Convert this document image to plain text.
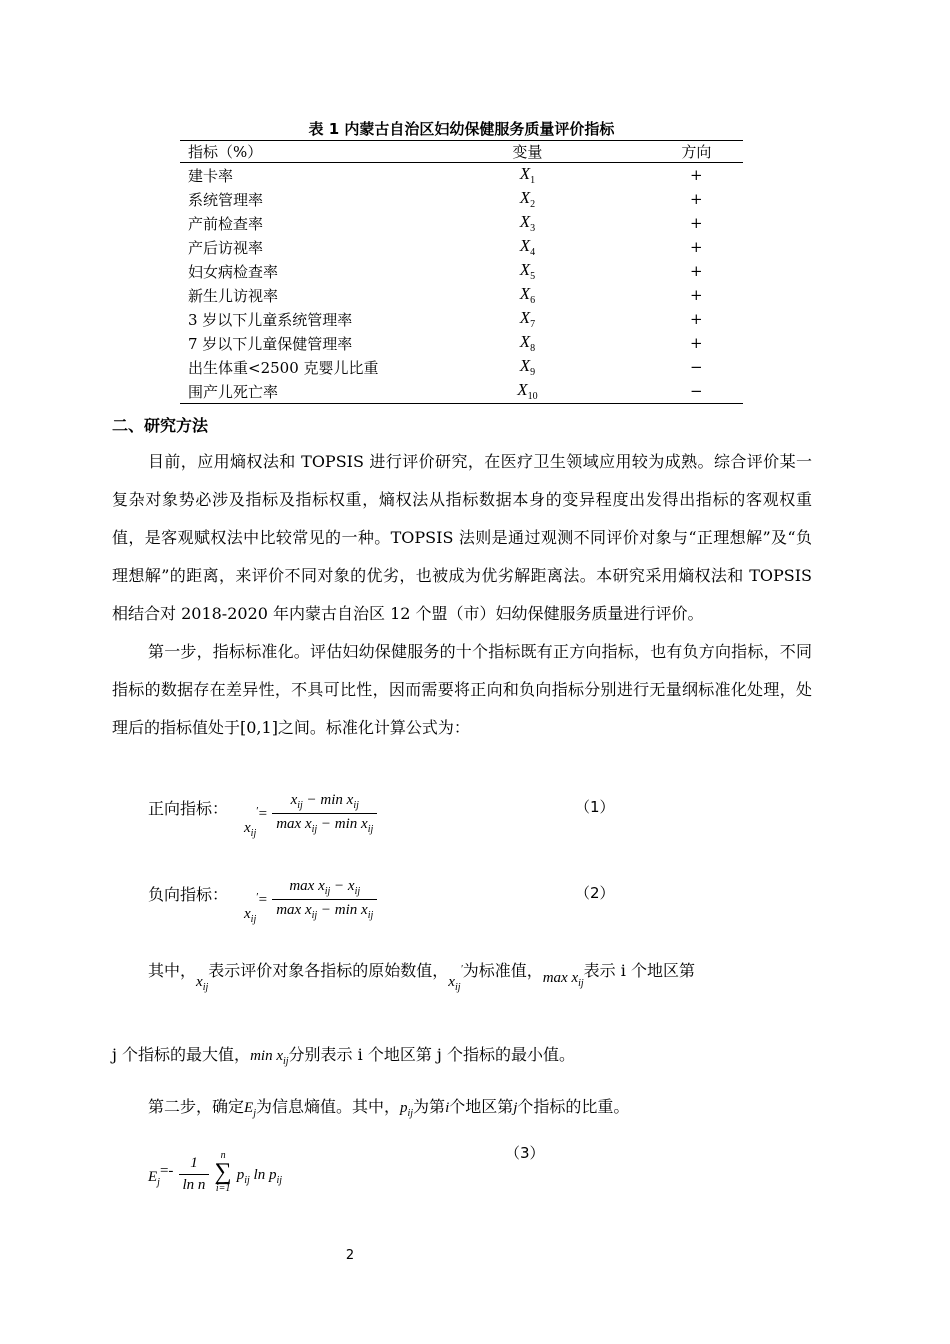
表 1 内蒙古自治区妇幼保健服务质量评价指标
指标（%）	变量	方向
建卡率	$X_1$	+
系统管理率	$X_2$	+
产前检查率	$X_3$	+
产后访视率	$X_4$	+
妇女病检查率	$X_5$	+
新生儿访视率	$X_6$	+
3 岁以下儿童系统管理率	$X_7$	+
7 岁以下儿童保健管理率	$X_8$	+
出生体重<2500 克婴儿比重	$X_9$	−
围产儿死亡率	$X_{10}$	−
二、研究方法

目前，应用熵权法和 TOPSIS 进行评价研究，在医疗卫生领域应用较为成熟。综合评价某一复杂对象势必涉及指标及指标权重，熵权法从指标数据本身的变异程度出发得出指标的客观权重值，是客观赋权法中比较常见的一种。TOPSIS 法则是通过观测不同评价对象与“正理想解”及“负理想解”的距离，来评价不同对象的优劣，也被成为优劣解距离法。本研究采用熵权法和 TOPSIS 相结合对 2018-2020 年内蒙古自治区 12 个盟（市）妇幼保健服务质量进行评价。

第一步，指标标准化。评估妇幼保健服务的十个指标既有正方向指标，也有负方向指标，不同指标的数据存在差异性，不具可比性，因而需要将正向和负向指标分别进行无量纲标准化处理，处理后的指标值处于[0,1]之间。标准化计算公式为：

正向指标：
$x_{ij}'= \frac{x_{ij} - \min x_{ij}}{\max x_{ij} - \min x_{ij}}$	（1）
负向指标：
$x_{ij}'= \frac{\max x_{ij} - x_{ij}}{\max x_{ij} - \min x_{ij}}$	（2）
其中，$x_{ij}$表示评价对象各指标的原始数值，$x_{ij}'$为标准值，$\max x_{ij}$表示 i 个地区第
j 个指标的最大值，$\min x_{ij}$分别表示 i 个地区第 j 个指标的最小值。
第二步，确定$E_j$为信息熵值。其中，$p_{ij}$为第i个地区第j个指标的比重。
$E_j=- \frac{1}{\text{ln n}}$
	n
∑
i=1
$p_{ij}$ $\ln p_{ij}$
（3）
2
